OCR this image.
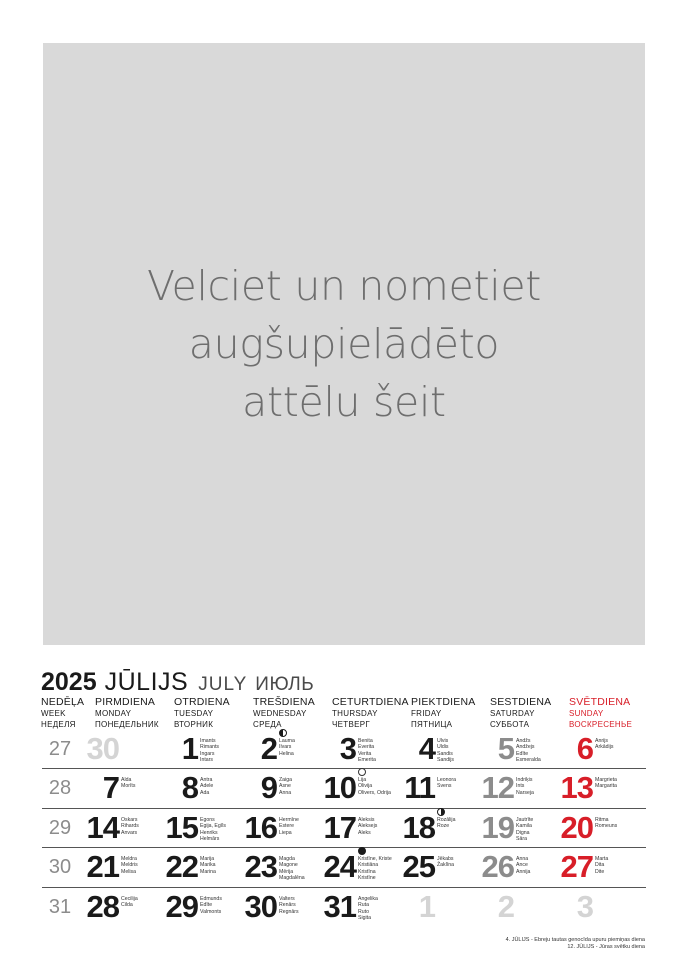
Velciet un nometiet
augšupielādēto
attēlu šeit
2025 JŪLIJS JULY ИЮЛЬ
NEDĒĻA
WEEK
НЕДЕЛЯ
PIRMDIENA
MONDAY
ПОНЕДЕЛЬНИК
OTRDIENA
TUESDAY
ВТОРНИК
TREŠDIENA
WEDNESDAY
СРЕДА
CETURTDIENA
THURSDAY
ЧЕТВЕРГ
PIEKTDIENA
FRIDAY
ПЯТНИЦА
SESTDIENA
SATURDAY
СУББОТА
SVĒTDIENA
SUNDAY
ВОСКРЕСЕНЬЕ
27 30 1 Imants
Rimants
Ingars
Intars 2 Lauma
Ilvars
Helina 3 Benita
Everita
Verita
Emerita 4 Ulvis
Uldis
Sandis
Sandijs 5 Andžs
Andžejs
Edīte
Esmeralda 6 Anrijs
Arkādijs
28 7 Alda
Morīts 8 Antra
Adele
Ada 9 Zaiga
Asne
Anna 10 Lija
Olivija
Olivers, Odrija 11 Leonora
Svens 12 Indriķis
Ints
Narseja 13 Margrieta
Margarita
29 14 Oskars
Rihards
Anvars 15 Egons
Egija, Egīls
Henriks
Helmārs 16 Hermīne
Estere
Liepa 17 Aleksis
Aleksejs
Aleks 18 Rozālija
Roze 19 Jautrīte
Kamila
Digna
Sāra 20 Ritma
Romeuns
30 21 Meldra
Meldris
Melisa 22 Marija
Marika
Marina 23 Magda
Magone
Mērija
Magdalēna 24 Kristīne, Kriste
Kristiāna
Kristīna
Kristīne 25 Jēkabs
Žaklīna 26 Anna
Ance
Annija 27 Marta
Dita
Dite
31 28 Cecilija
Cilda 29 Edmunds
Edīte
Valmonts 30 Valters
Renārs
Regnārs 31 Angelika
Ruta
Ruto
Sigita 1 2 3
4. JŪLIJS - Ebreju tautas genocīda upuru piemiņas diena
12. JŪLIJS - Jūras svētku diena
